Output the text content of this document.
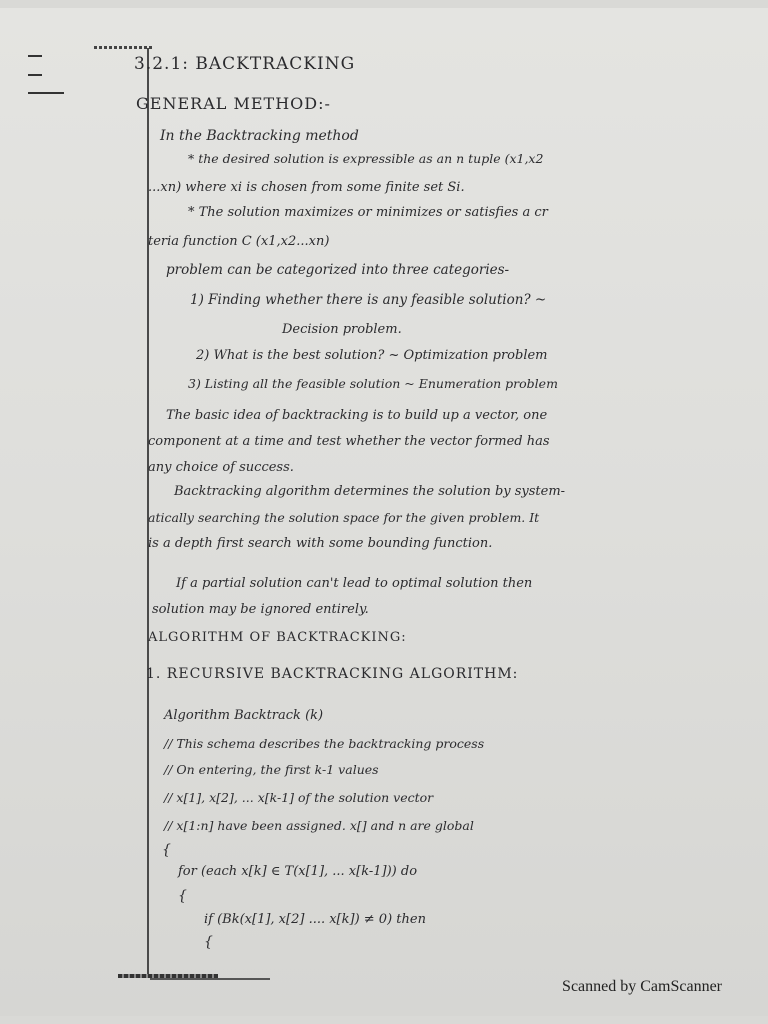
3.2.1: BACKTRACKING
GENERAL METHOD:-
In the Backtracking method
* the desired solution is expressible as an n tuple (x1,x2
...xn) where xi is chosen from some finite set Si.
* The solution maximizes or minimizes or satisfies a cr
teria function C (x1,x2...xn)
problem can be categorized into three categories-
1) Finding whether there is any feasible solution? ~
Decision problem.
2) What is the best solution? ~ Optimization problem
3) Listing all the feasible solution ~ Enumeration problem
The basic idea of backtracking is to build up a vector, one
component at a time and test whether the vector formed has
any choice of success.
Backtracking algorithm determines the solution by system-
atically searching the solution space for the given problem. It
is a depth first search with some bounding function.
If a partial solution can't lead to optimal solution then
solution may be ignored entirely.
ALGORITHM OF BACKTRACKING:
1. RECURSIVE BACKTRACKING ALGORITHM:
Algorithm Backtrack (k)
// This schema describes the backtracking process
// On entering, the first k-1 values
// x[1], x[2], ... x[k-1] of the solution vector
// x[1:n] have been assigned. x[] and n are global
{
for (each x[k] ∈ T(x[1], ... x[k-1])) do
{
if (Bk(x[1], x[2] .... x[k]) ≠ 0) then
{
Scanned by CamScanner
